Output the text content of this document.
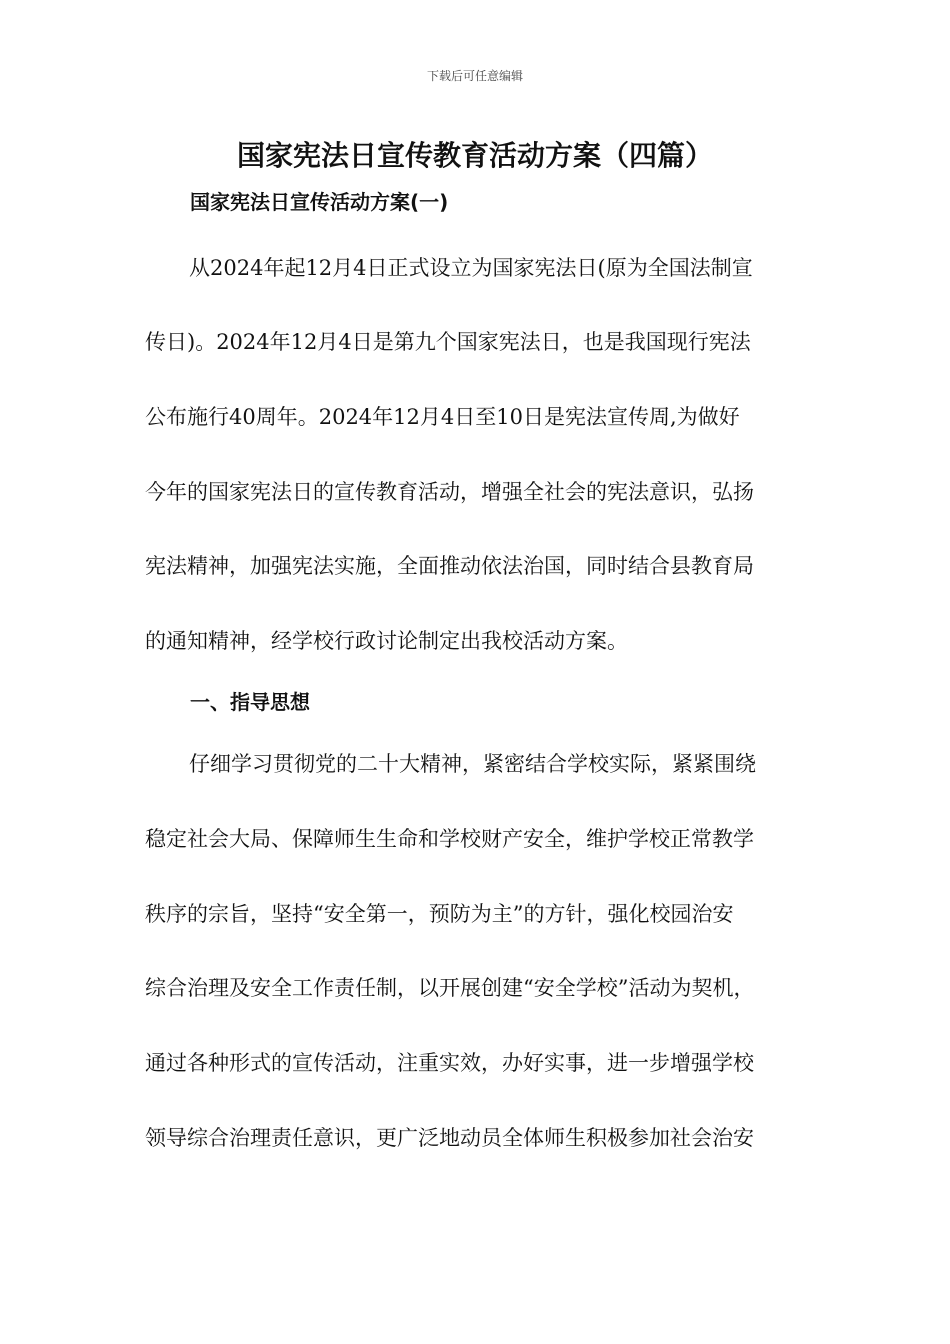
下载后可任意编辑
国家宪法日宣传教育活动方案（四篇）
国家宪法日宣传活动方案(一)
从2024年起12月4日正式设立为国家宪法日(原为全国法制宣
传日)。2024年12月4日是第九个国家宪法日，也是我国现行宪法
公布施行40周年。2024年12月4日至10日是宪法宣传周,为做好
今年的国家宪法日的宣传教育活动，增强全社会的宪法意识，弘扬
宪法精神，加强宪法实施，全面推动依法治国，同时结合县教育局
的通知精神，经学校行政讨论制定出我校活动方案。
一、指导思想
仔细学习贯彻党的二十大精神，紧密结合学校实际，紧紧围绕
稳定社会大局、保障师生生命和学校财产安全，维护学校正常教学
秩序的宗旨，坚持“安全第一，预防为主”的方针，强化校园治安
综合治理及安全工作责任制，以开展创建“安全学校”活动为契机，
通过各种形式的宣传活动，注重实效，办好实事，进一步增强学校
领导综合治理责任意识，更广泛地动员全体师生积极参加社会治安
